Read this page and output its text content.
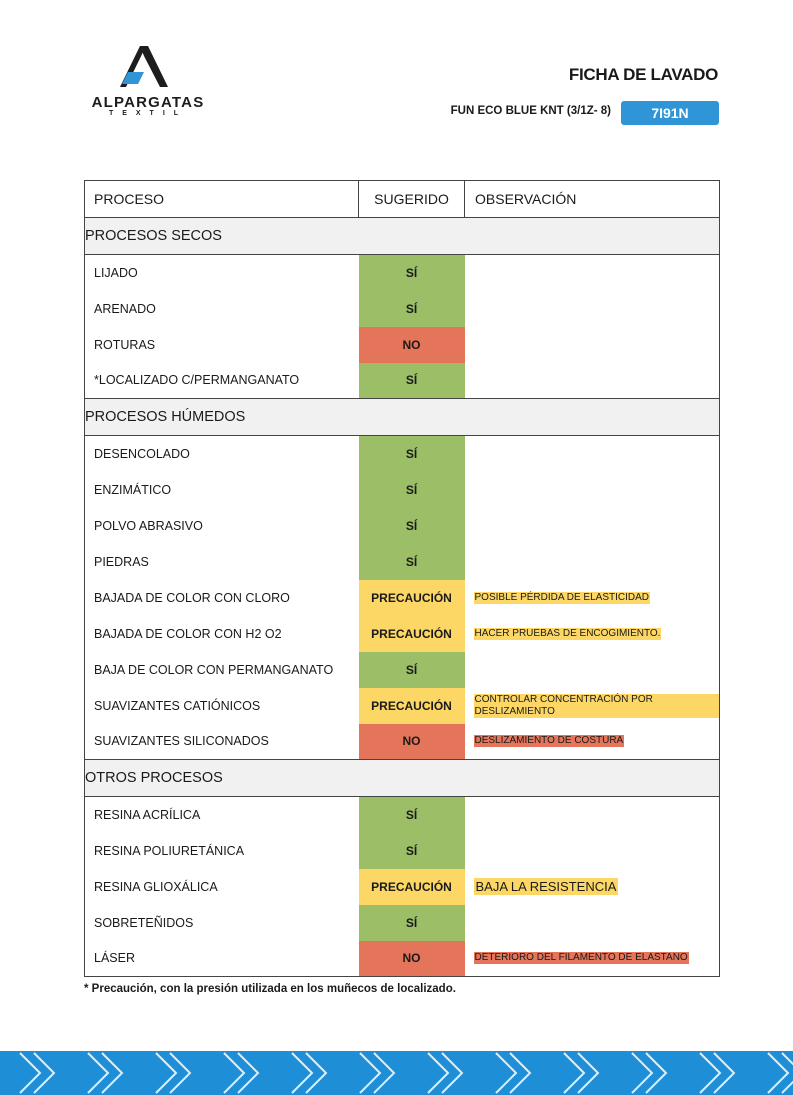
ALPARGATAS
TEXTIL
FICHA DE LAVADO
FUN ECO BLUE KNT (3/1Z- 8)	7I91N
PROCESO	SUGERIDO	OBSERVACIÓN
PROCESOS SECOS		
LIJADO	SÍ	
ARENADO	SÍ	
ROTURAS	NO	
*LOCALIZADO C/PERMANGANATO	SÍ	
PROCESOS HÚMEDOS		
DESENCOLADO	SÍ	
ENZIMÁTICO	SÍ	
POLVO ABRASIVO	SÍ	
PIEDRAS	SÍ	
BAJADA DE COLOR CON CLORO	PRECAUCIÓN	POSIBLE PÉRDIDA DE ELASTICIDAD
BAJADA DE COLOR CON H2 O2	PRECAUCIÓN	HACER PRUEBAS DE ENCOGIMIENTO.
BAJA DE COLOR CON PERMANGANATO	SÍ	
SUAVIZANTES CATIÓNICOS	PRECAUCIÓN	CONTROLAR CONCENTRACIÓN POR DESLIZAMIENTO
SUAVIZANTES SILICONADOS	NO	DESLIZAMIENTO DE COSTURA
OTROS PROCESOS		
RESINA ACRÍLICA	SÍ	
RESINA POLIURETÁNICA	SÍ	
RESINA GLIOXÁLICA	PRECAUCIÓN	BAJA LA RESISTENCIA
SOBRETEÑIDOS	SÍ	
LÁSER	NO	DETERIORO DEL FILAMENTO DE ELASTANO
* Precaución, con la presión utilizada en los muñecos de localizado.
